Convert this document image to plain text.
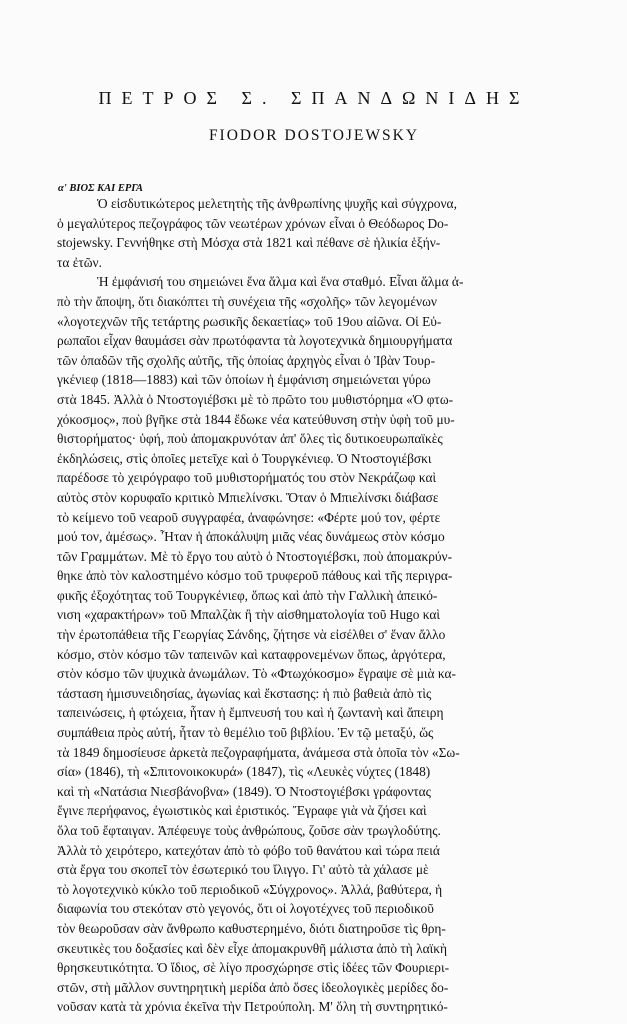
ΠΕΤΡΟΣ Σ. ΣΠΑΝΔΩΝΙΔΗΣ
FIODOR DOSTOJEWSKY
α' ΒΙΟΣ ΚΑΙ ΕΡΓΑ
Ὁ εἰσδυτικώτερος μελετητὴς τῆς ἀνθρωπίνης ψυχῆς καὶ σύγχρονα,
ὁ μεγαλύτερος πεζογράφος τῶν νεωτέρων χρόνων εἶναι ὁ Θεόδωρος Do-
stojewsky. Γεννήθηκε στὴ Μόσχα στὰ 1821 καὶ πέθανε σὲ ἡλικία ἑξήν-
τα ἐτῶν.
Ἡ ἐμφάνισή του σημειώνει ἕνα ἅλμα καὶ ἕνα σταθμό. Εἶναι ἅλμα ἀ-
πὸ τὴν ἄποψη, ὅτι διακόπτει τὴ συνέχεια τῆς «σχολῆς» τῶν λεγομένων
«λογοτεχνῶν τῆς τετάρτης ρωσικῆς δεκαετίας» τοῦ 19ου αἰῶνα. Οἱ Εὐ-
ρωπαῖοι εἶχαν θαυμάσει σὰν πρωτόφαντα τὰ λογοτεχνικὰ δημιουργήματα
τῶν ὀπαδῶν τῆς σχολῆς αὐτῆς, τῆς ὁποίας ἀρχηγὸς εἶναι ὁ Ἰβὰν Τουρ-
γκένιεφ (1818—1883) καὶ τῶν ὁποίων ἡ ἐμφάνιση σημειώνεται γύρω
στὰ 1845. Ἀλλὰ ὁ Ντοστογιέβσκι μὲ τὸ πρῶτο του μυθιστόρημα «Ὁ φτω-
χόκοσμος», ποὺ βγῆκε στὰ 1844 ἔδωκε νέα κατεύθυνση στὴν ὑφὴ τοῦ μυ-
θιστορήματος· ὑφή, ποὺ ἀπομακρυνόταν ἀπ' ὅλες τὶς δυτικοευρωπαϊκὲς
ἐκδηλώσεις, στὶς ὁποῖες μετεῖχε καὶ ὁ Τουργκένιεφ. Ὁ Ντοστογιέβσκι
παρέδοσε τὸ χειρόγραφο τοῦ μυθιστορήματός του στὸν Νεκράζωφ καὶ
αὐτὸς στὸν κορυφαῖο κριτικὸ Μπιελίνσκι. Ὅταν ὁ Μπιελίνσκι διάβασε
τὸ κείμενο τοῦ νεαροῦ συγγραφέα, ἀναφώνησε: «Φέρτε μού τον, φέρτε
μού τον, ἀμέσως». Ἦταν ἡ ἀποκάλυψη μιᾶς νέας δυνάμεως στὸν κόσμο
τῶν Γραμμάτων. Μὲ τὸ ἔργο του αὐτὸ ὁ Ντοστογιέβσκι, ποὺ ἀπομακρύν-
θηκε ἀπὸ τὸν καλοστημένο κόσμο τοῦ τρυφεροῦ πάθους καὶ τῆς περιγρα-
φικῆς ἐξοχότητας τοῦ Τουργκένιεφ, ὅπως καὶ ἀπὸ τὴν Γαλλικὴ ἀπεικό-
νιση «χαρακτήρων» τοῦ Μπαλζὰκ ἢ τὴν αἰσθηματολογία τοῦ Hugo καὶ
τὴν ἐρωτοπάθεια τῆς Γεωργίας Σάνδης, ζήτησε νὰ εἰσέλθει σ' ἕναν ἄλλο
κόσμο, στὸν κόσμο τῶν ταπεινῶν καὶ καταφρονεμένων ὅπως, ἀργότερα,
στὸν κόσμο τῶν ψυχικὰ ἀνωμάλων. Τὸ «Φτωχόκοσμο» ἔγραψε σὲ μιὰ κα-
τάσταση ἡμισυνειδησίας, ἀγωνίας καὶ ἔκστασης: ἡ πιὸ βαθειὰ ἀπὸ τὶς
ταπεινώσεις, ἡ φτώχεια, ἦταν ἡ ἔμπνευσή του καὶ ἡ ζωντανὴ καὶ ἄπειρη
συμπάθεια πρὸς αὐτή, ἦταν τὸ θεμέλιο τοῦ βιβλίου. Ἐν τῷ μεταξύ, ὥς
τὰ 1849 δημοσίευσε ἀρκετὰ πεζογραφήματα, ἀνάμεσα στὰ ὁποῖα τὸν «Σω-
σία» (1846), τὴ «Σπιτονοικοκυρά» (1847), τὶς «Λευκὲς νύχτες (1848)
καὶ τὴ «Νατάσια Νιεσβάνοβνα» (1849). Ὁ Ντοστογιέβσκι γράφοντας
ἔγινε περήφανος, ἐγωιστικὸς καὶ ἐριστικός. Ἔγραφε γιὰ νὰ ζήσει καὶ
ὅλα τοῦ ἔφταιγαν. Ἀπέφευγε τοὺς ἀνθρώπους, ζοῦσε σὰν τρωγλοδύτης.
Ἀλλὰ τὸ χειρότερο, κατεχόταν ἀπὸ τὸ φόβο τοῦ θανάτου καὶ τώρα πειά
στὰ ἔργα του σκοπεῖ τὸν ἐσωτερικό του ἴλιγγο. Γι' αὐτὸ τὰ χάλασε μὲ
τὸ λογοτεχνικὸ κύκλο τοῦ περιοδικοῦ «Σύγχρονος». Ἀλλά, βαθύτερα, ἡ
διαφωνία του στεκόταν στὸ γεγονός, ὅτι οἱ λογοτέχνες τοῦ περιοδικοῦ
τὸν θεωροῦσαν σὰν ἄνθρωπο καθυστερημένο, διότι διατηροῦσε τὶς θρη-
σκευτικὲς του δοξασίες καὶ δὲν εἶχε ἀπομακρυνθῆ μάλιστα ἀπὸ τὴ λαϊκὴ
θρησκευτικότητα. Ὁ ἴδιος, σὲ λίγο προσχώρησε στὶς ἰδέες τῶν Φουριερι-
στῶν, στὴ μᾶλλον συντηρητικὴ μερίδα ἀπὸ ὅσες ἰδεολογικὲς μερίδες δο-
νοῦσαν κατὰ τὰ χρόνια ἐκεῖνα τὴν Πετρούπολη. Μ' ὅλη τὴ συντηρητικό-
